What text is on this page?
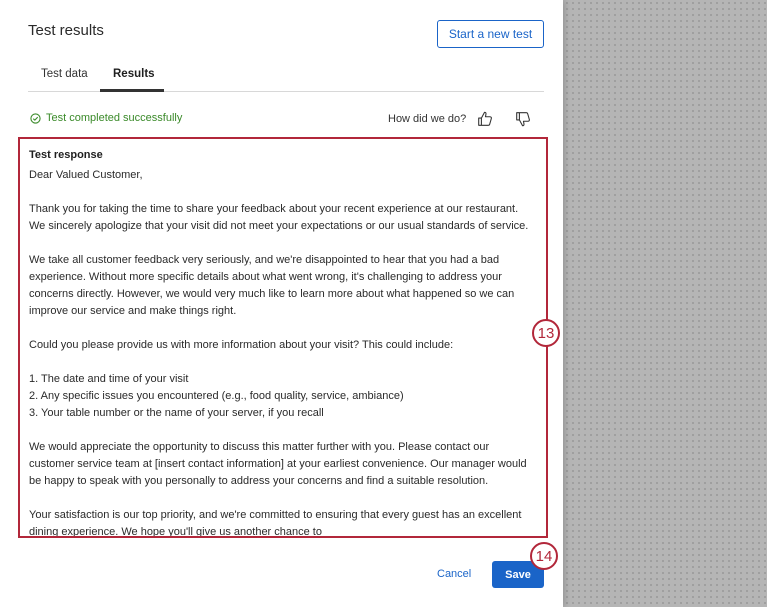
Test results	Start a new test
Test data Results
Test completed successfully	How did we do?
Test response
Dear Valued Customer,
Thank you for taking the time to share your feedback about your recent experience at our restaurant. We sincerely apologize that your visit did not meet your expectations or our usual standards of service.
We take all customer feedback very seriously, and we're disappointed to hear that you had a bad experience. Without more specific details about what went wrong, it's challenging to address your concerns directly. However, we would very much like to learn more about what happened so we can improve our service and make things right.
Could you please provide us with more information about your visit? This could include:
1. The date and time of your visit
2. Any specific issues you encountered (e.g., food quality, service, ambiance)
3. Your table number or the name of your server, if you recall
We would appreciate the opportunity to discuss this matter further with you. Please contact our customer service team at [insert contact information] at your earliest convenience. Our manager would be happy to speak with you personally to address your concerns and find a suitable resolution.
Your satisfaction is our top priority, and we're committed to ensuring that every guest has an excellent dining experience. We hope you'll give us another chance to
13
Cancel	Save
14
